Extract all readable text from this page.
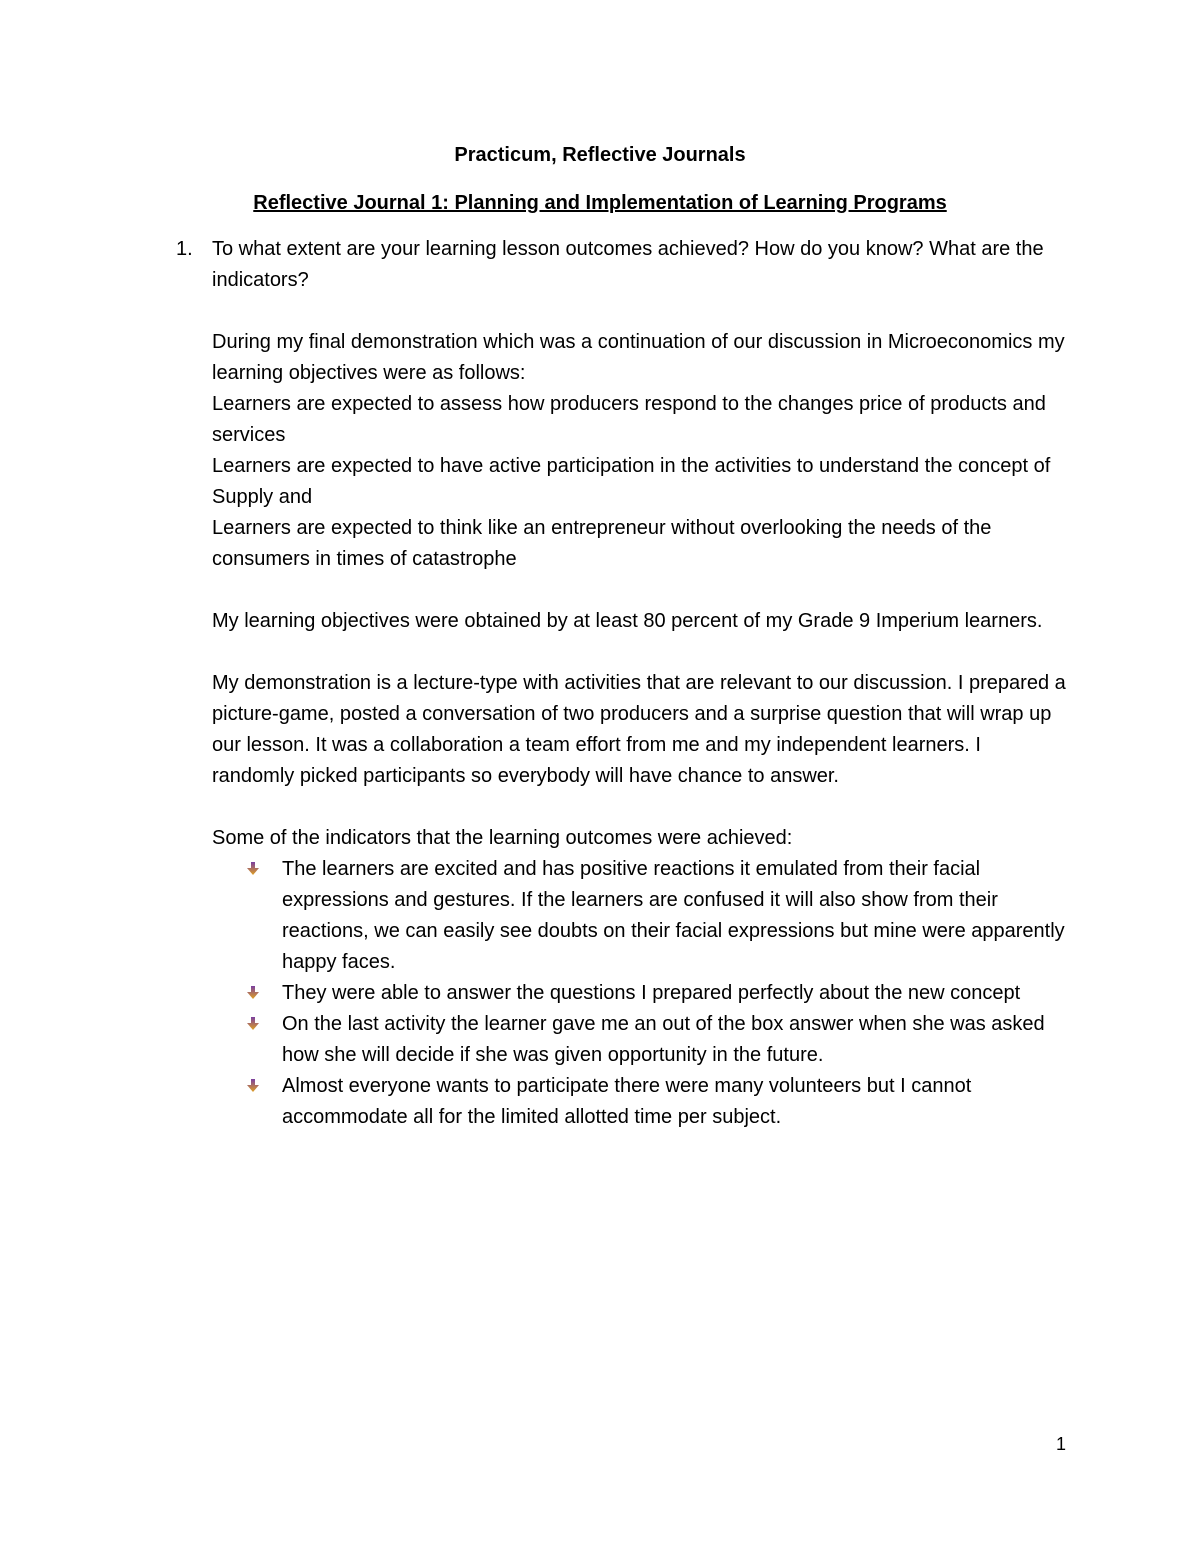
Practicum, Reflective Journals
Reflective Journal 1: Planning and Implementation of Learning Programs
1. To what extent are your learning lesson outcomes achieved? How do you know? What are the indicators?
During my final demonstration which was a continuation of our discussion in Microeconomics my learning objectives were as follows:
Learners are expected to assess how producers respond to the changes price of products and services
Learners are expected to have active participation in the activities to understand the concept of Supply and
Learners are expected to think like an entrepreneur without overlooking the needs of the consumers in times of catastrophe
My learning objectives were obtained by at least 80 percent of my Grade 9 Imperium learners.
My demonstration is a lecture-type with activities that are relevant to our discussion. I prepared a picture-game, posted a conversation of two producers and a surprise question that will wrap up our lesson. It was a collaboration a team effort from me and my independent learners. I randomly picked participants so everybody will have chance to answer.
Some of the indicators that the learning outcomes were achieved:
The learners are excited and has positive reactions it emulated from their facial expressions and gestures. If the learners are confused it will also show from their reactions, we can easily see doubts on their facial expressions but mine were apparently happy faces.
They were able to answer the questions I prepared perfectly about the new concept
On the last activity the learner gave me an out of the box answer when she was asked how she will decide if she was given opportunity in the future.
Almost everyone wants to participate there were many volunteers but I cannot accommodate all for the limited allotted time per subject.
1
